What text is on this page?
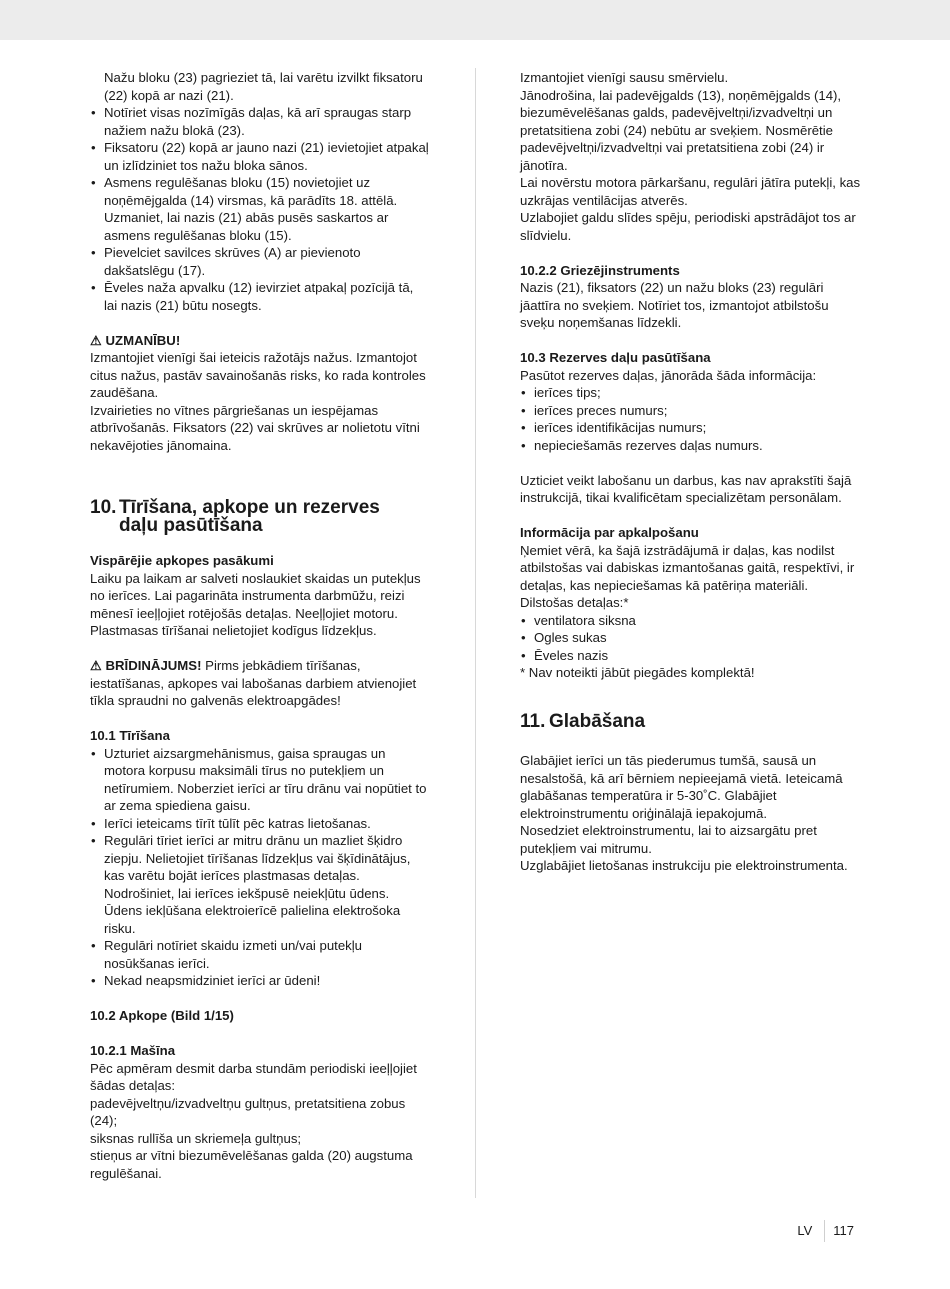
Nažu bloku (23) pagrieziet tā, lai varētu izvilkt fiksatoru (22) kopā ar nazi (21).

• Notīriet visas nozīmīgās daļas, kā arī spraugas starp nažiem nažu blokā (23).
• Fiksatoru (22) kopā ar jauno nazi (21) ievietojiet atpakaļ un izlīdziniet tos nažu bloka sānos.
• Asmens regulēšanas bloku (15) novietojiet uz noņēmējgalda (14) virsmas, kā parādīts 18. attēlā. Uzmaniet, lai nazis (21) abās pusēs saskartos ar asmens regulēšanas bloku (15).
• Pievelciet savilces skrūves (A) ar pievienoto dakšatslēgu (17).
• Ēveles naža apvalku (12) ievirziet atpakaļ pozīcijā tā, lai nazis (21) būtu nosegts.

⚠ UZMANĪBU!

Izmantojiet vienīgi šai ieteicis ražotājs nažus. Izmantojot citus nažus, pastāv savainošanās risks, ko rada kontroles zaudēšana.

Izvairieties no vītnes pārgriešanas un iespējamas atbrīvošanās. Fiksators (22) vai skrūves ar nolietotu vītni nekavējoties jānomaina.

10. Tīrīšana, apkope un rezerves
daļu pasūtīšana

Vispārējie apkopes pasākumi

Laiku pa laikam ar salveti noslaukiet skaidas un putekļus no ierīces. Lai pagarināta instrumenta darbmūžu, reizi mēnesī ieeļļojiet rotējošās detaļas. Neeļļojiet motoru.

Plastmasas tīrīšanai nelietojiet kodīgus līdzekļus.

⚠ BRĪDINĀJUMS! Pirms jebkādiem tīrīšanas, iestatīšanas, apkopes vai labošanas darbiem atvienojiet tīkla spraudni no galvenās elektroapgādes!

10.1 Tīrīšana

• Uzturiet aizsargmehānismus, gaisa spraugas un motora korpusu maksimāli tīrus no putekļiem un netīrumiem. Noberziet ierīci ar tīru drānu vai nopūtiet to ar zema spiediena gaisu.
• Ierīci ieteicams tīrīt tūlīt pēc katras lietošanas.
• Regulāri tīriet ierīci ar mitru drānu un mazliet šķidro ziepju. Nelietojiet tīrīšanas līdzekļus vai šķīdinātājus, kas varētu bojāt ierīces plastmasas detaļas. Nodrošiniet, lai ierīces iekšpusē neiekļūtu ūdens. Ūdens iekļūšana elektroierīcē palielina elektrošoka risku.
• Regulāri notīriet skaidu izmeti un/vai putekļu nosūkšanas ierīci.
• Nekad neapsmidziniet ierīci ar ūdeni!

10.2 Apkope (Bild 1/15)

10.2.1 Mašīna

Pēc apmēram desmit darba stundām periodiski ieeļļojiet šādas detaļas:

padevējveltņu/izvadveltņu gultņus, pretatsitiena zobus (24);

siksnas rullīša un skriemeļa gultņus;

stieņus ar vītni biezumēvelēšanas galda (20) augstuma regulēšanai.

Izmantojiet vienīgi sausu smērvielu.

Jānodrošina, lai padevējgalds (13), noņēmējgalds (14), biezumēvelēšanas galds, padevējveltņi/izvadveltņi un pretatsitiena zobi (24) nebūtu ar sveķiem. Nosmērētie padevējveltņi/izvadveltņi vai pretatsitiena zobi (24) ir jānotīra.

Lai novērstu motora pārkaršanu, regulāri jātīra putekļi, kas uzkrājas ventilācijas atverēs.

Uzlabojiet galdu slīdes spēju, periodiski apstrādājot tos ar slīdvielu.

10.2.2 Griezējinstruments

Nazis (21), fiksators (22) un nažu bloks (23) regulāri jāattīra no sveķiem. Notīriet tos, izmantojot atbilstošu sveķu noņemšanas līdzekli.

10.3 Rezerves daļu pasūtīšana

Pasūtot rezerves daļas, jānorāda šāda informācija:

• ierīces tips;
• ierīces preces numurs;
• ierīces identifikācijas numurs;
• nepieciešamās rezerves daļas numurs.

Uzticiet veikt labošanu un darbus, kas nav aprakstīti šajā instrukcijā, tikai kvalificētam specializētam personālam.

Informācija par apkalpošanu

Ņemiet vērā, ka šajā izstrādājumā ir daļas, kas nodilst atbilstošas vai dabiskas izmantošanas gaitā, respektīvi, ir detaļas, kas nepieciešamas kā patēriņa materiāli.

Dilstošas detaļas:*

• ventilatora siksna
• Ogles sukas
• Ēveles nazis

* Nav noteikti jābūt piegādes komplektā!

11. Glabāšana

Glabājiet ierīci un tās piederumus tumšā, sausā un nesalstošā, kā arī bērniem nepieejamā vietā. Ieteicamā glabāšanas temperatūra ir 5-30˚C. Glabājiet elektroinstrumentu oriģinālajā iepakojumā.

Nosedziet elektroinstrumentu, lai to aizsargātu pret putekļiem vai mitrumu.

Uzglabājiet lietošanas instrukciju pie elektroinstrumenta.

LV	117
